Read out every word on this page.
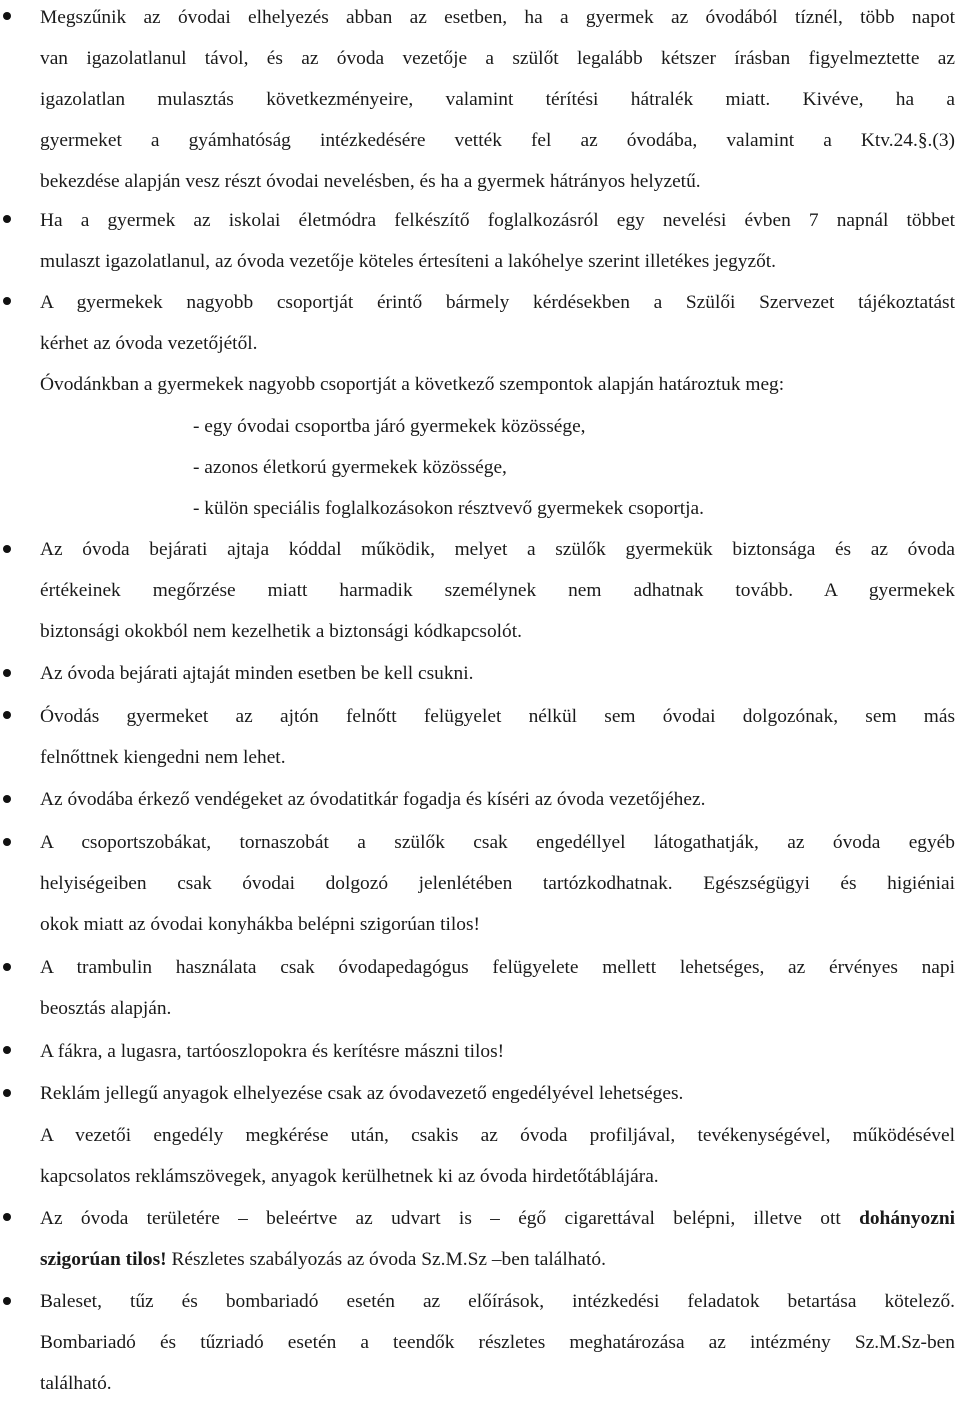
Megszűnik az óvodai elhelyezés abban az esetben, ha a gyermek az óvodából tíznél, több napot
van igazolatlanul távol, és az óvoda vezetője a szülőt legalább kétszer írásban figyelmeztette az
igazolatlan mulasztás következményeire, valamint térítési hátralék miatt. Kivéve, ha a
gyermeket a gyámhatóság intézkedésére vették fel az óvodába, valamint a Ktv.24.§.(3)
bekezdése alapján vesz részt óvodai nevelésben, és ha a gyermek hátrányos helyzetű.
Ha a gyermek az iskolai életmódra felkészítő foglalkozásról egy nevelési évben 7 napnál többet
mulaszt igazolatlanul, az óvoda vezetője köteles értesíteni a lakóhelye szerint illetékes jegyzőt.
A gyermekek nagyobb csoportját érintő bármely kérdésekben a Szülői Szervezet tájékoztatást
kérhet az óvoda vezetőjétől.
Óvodánkban a gyermekek nagyobb csoportját a következő szempontok alapján határoztuk meg:
- egy óvodai csoportba járó gyermekek közössége,
- azonos életkorú gyermekek közössége,
- külön speciális foglalkozásokon résztvevő gyermekek csoportja.
Az óvoda bejárati ajtaja kóddal működik, melyet a szülők gyermekük biztonsága és az óvoda
értékeinek megőrzése miatt harmadik személynek nem adhatnak tovább. A gyermekek
biztonsági okokból nem kezelhetik a biztonsági kódkapcsolót.
Az óvoda bejárati ajtaját minden esetben be kell csukni.
Óvodás gyermeket az ajtón felnőtt felügyelet nélkül sem óvodai dolgozónak, sem más
felnőttnek kiengedni nem lehet.
Az óvodába érkező vendégeket az óvodatitkár fogadja és kíséri az óvoda vezetőjéhez.
A csoportszobákat, tornaszobát a szülők csak engedéllyel látogathatják, az óvoda egyéb
helyiségeiben csak óvodai dolgozó jelenlétében tartózkodhatnak. Egészségügyi és higiéniai
okok miatt az óvodai konyhákba belépni szigorúan tilos!
A trambulin használata csak óvodapedagógus felügyelete mellett lehetséges, az érvényes napi
beosztás alapján.
A fákra, a lugasra, tartóoszlopokra és kerítésre mászni tilos!
Reklám jellegű anyagok elhelyezése csak az óvodavezető engedélyével lehetséges.
A vezetői engedély megkérése után, csakis az óvoda profiljával, tevékenységével, működésével
kapcsolatos reklámszövegek, anyagok kerülhetnek ki az óvoda hirdetőtáblájára.
Az óvoda területére – beleértve az udvart is – égő cigarettával belépni, illetve ott dohányozni
szigorúan tilos! Részletes szabályozás az óvoda Sz.M.Sz –ben található.
Baleset, tűz és bombariadó esetén az előírások, intézkedési feladatok betartása kötelező.
Bombariadó és tűzriadó esetén a teendők részletes meghatározása az intézmény Sz.M.Sz-ben
található.
